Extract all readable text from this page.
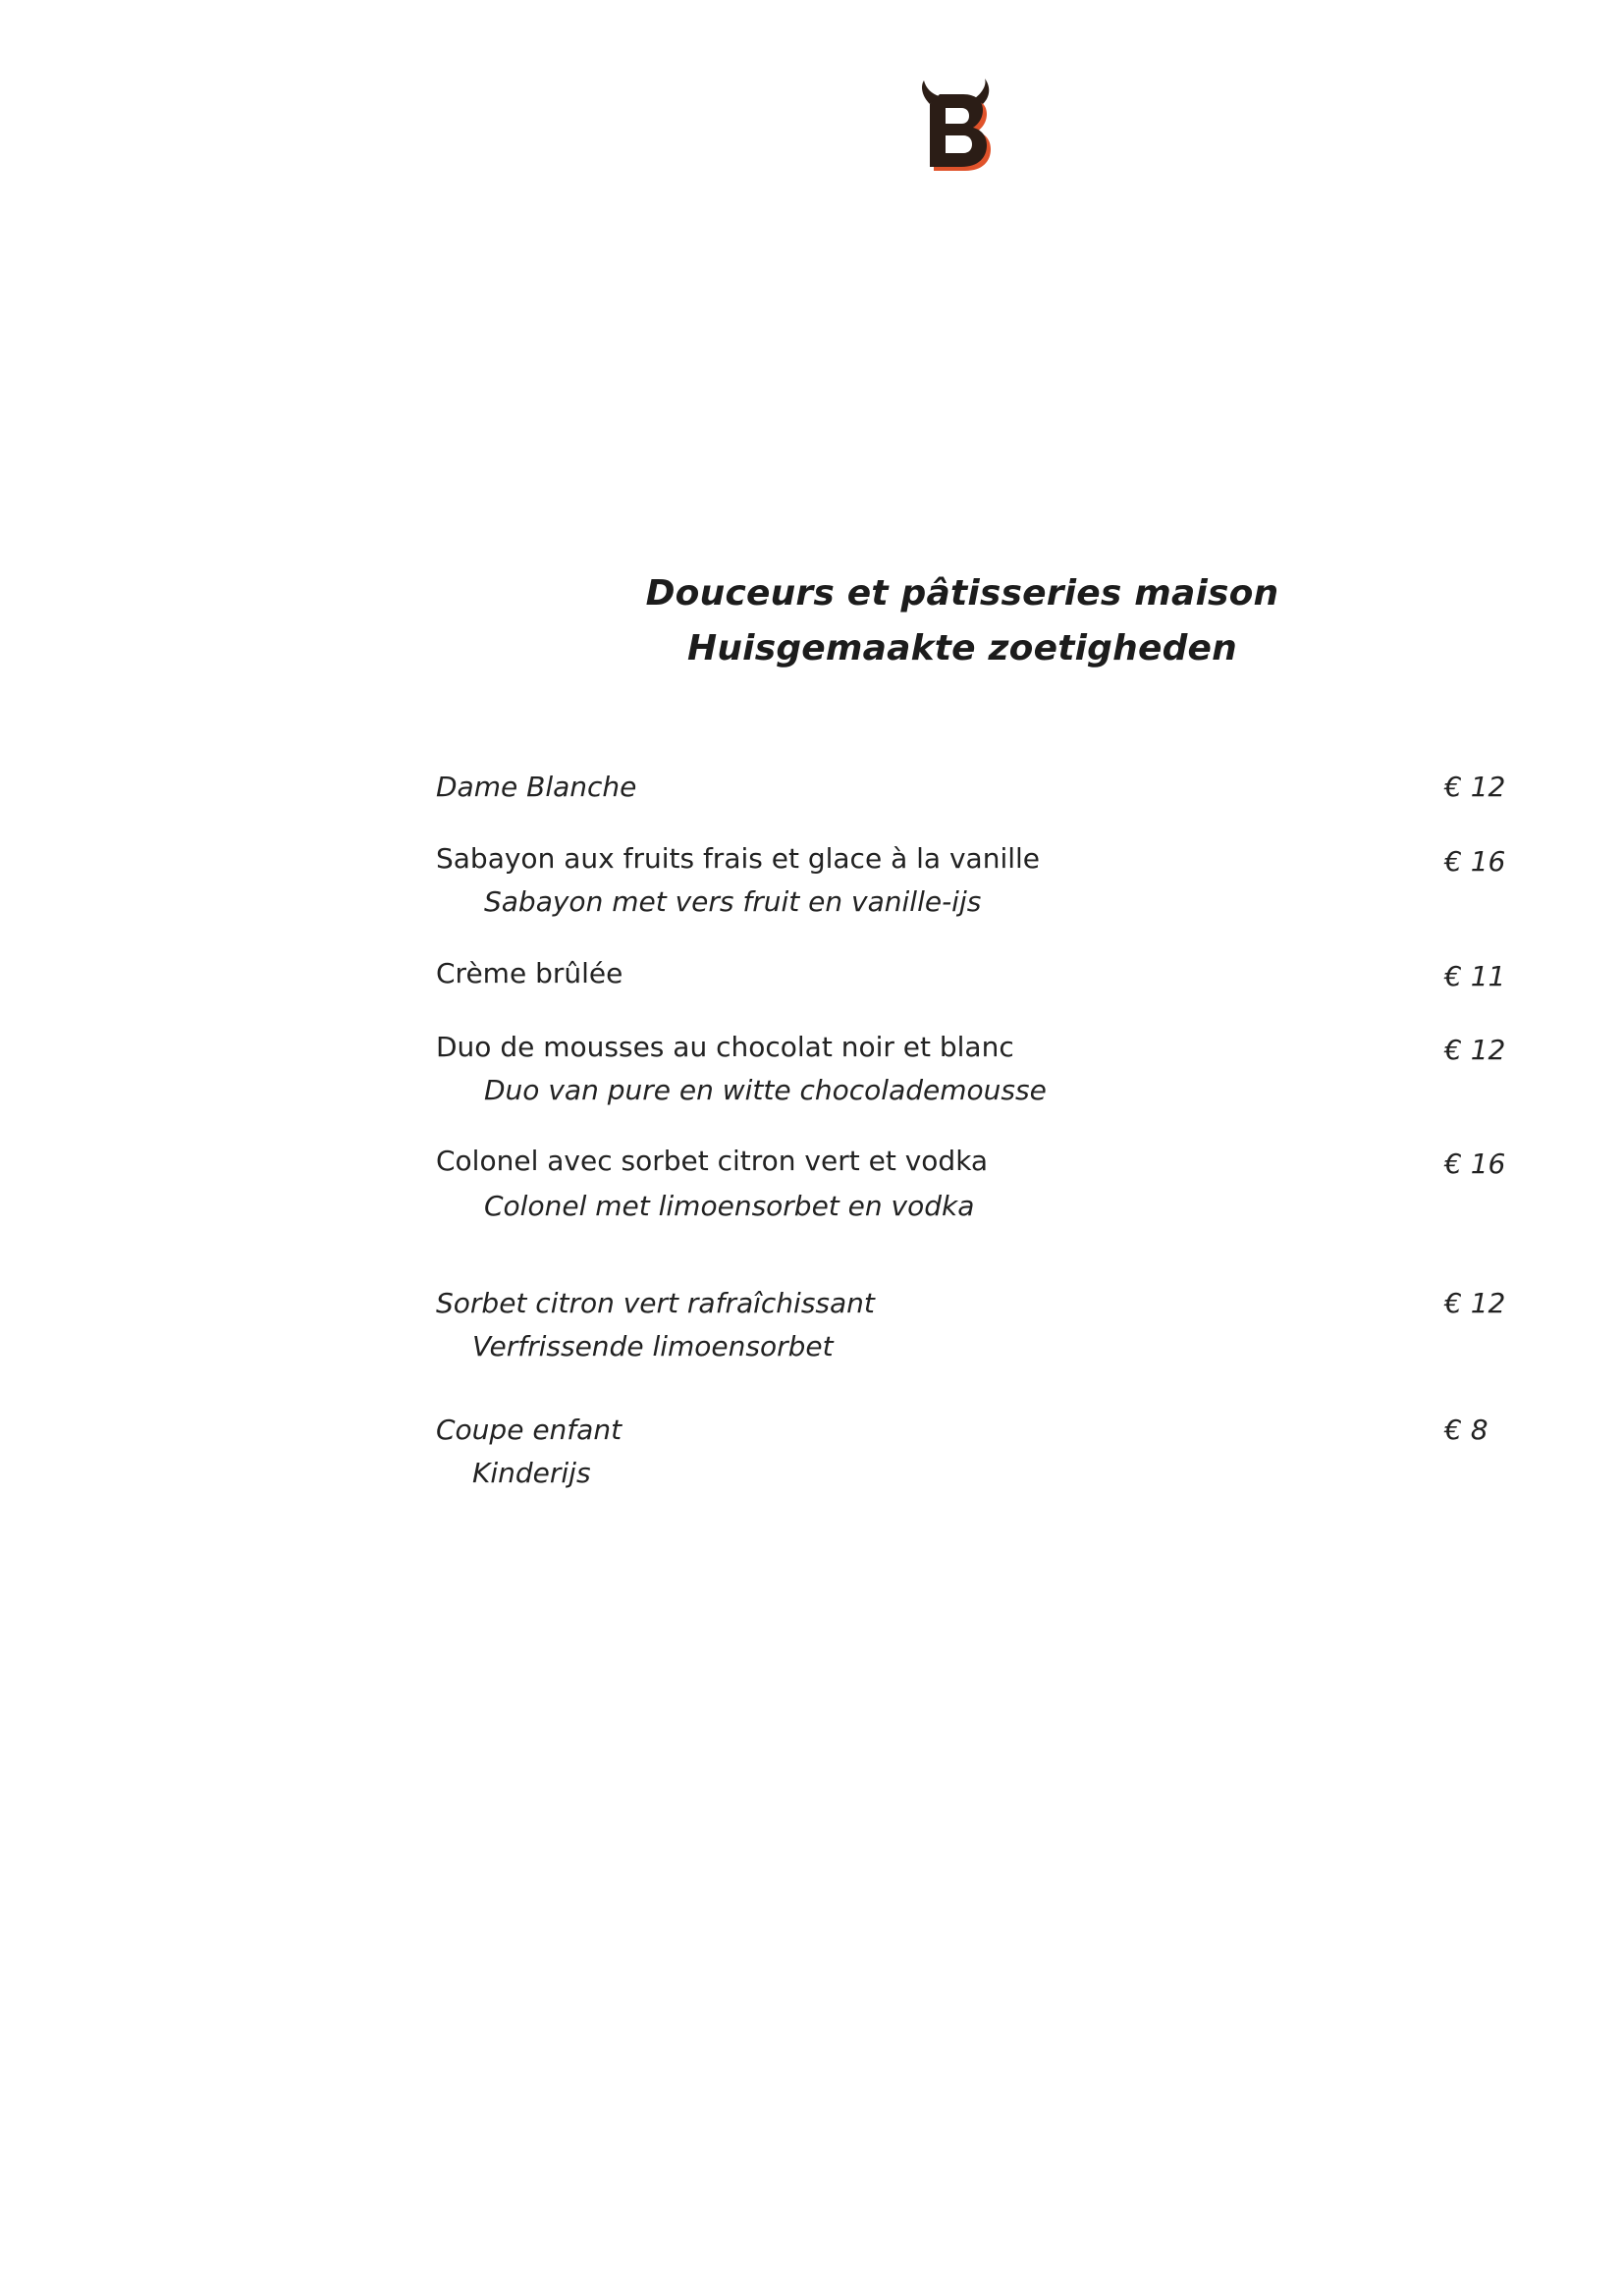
Douceurs et pâtisseries maison
Huisgemaakte zoetigheden
Dame Blanche	€ 12
Sabayon aux fruits frais et glace à la vanille	€ 16
Sabayon met vers fruit en vanille-ijs
Crème brûlée	€ 11
Duo de mousses au chocolat noir et blanc	€ 12
Duo van pure en witte chocolademousse
Colonel avec sorbet citron vert et vodka	€ 16
Colonel met limoensorbet en vodka
Sorbet citron vert rafraîchissant	€ 12
Verfrissende limoensorbet
Coupe enfant	€ 8
Kinderijs
